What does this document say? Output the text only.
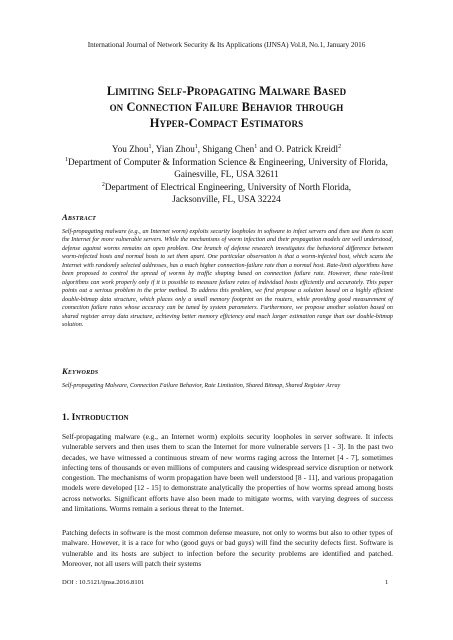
International Journal of Network Security & Its Applications (IJNSA) Vol.8, No.1, January 2016
Limiting Self-Propagating Malware Based
on Connection Failure Behavior through
Hyper-Compact Estimators
You Zhou$^1$, Yian Zhou$^1$, Shigang Chen$^1$ and O. Patrick Kreidl$^2$

$^1$Department of Computer & Information Science & Engineering, University of Florida,

Gainesville, FL, USA 32611

$^2$Department of Electrical Engineering, University of North Florida,

Jacksonville, FL, USA 32224

Abstract
Self-propagating malware (e.g., an Internet worm) exploits security loopholes in software to infect servers and then use them to scan the Internet for more vulnerable servers. While the mechanisms of worm infection and their propagation models are well understood, defense against worms remains an open problem. One branch of defense research investigates the behavioral difference between worm-infected hosts and normal hosts to set them apart. One particular observation is that a worm-infected host, which scans the Internet with randomly selected addresses, has a much higher connection-failure rate than a normal host. Rate-limit algorithms have been proposed to control the spread of worms by traffic shaping based on connection failure rate. However, these rate-limit algorithms can work properly only if it is possible to measure failure rates of individual hosts efficiently and accurately. This paper points out a serious problem in the prior method. To address this problem, we first propose a solution based on a highly efficient double-bitmap data structure, which places only a small memory footprint on the routers, while providing good measurement of connection failure rates whose accuracy can be tuned by system parameters. Furthermore, we propose another solution based on shared register array data structure, achieving better memory efficiency and much larger estimation range than our double-bitmap solution.
Keywords
Self-propagating Malware, Connection Failure Behavior, Rate Limitation, Shared Bitmap, Shared Register Array
1. Introduction
Self-propagating malware (e.g., an Internet worm) exploits security loopholes in server software. It infects vulnerable servers and then uses them to scan the Internet for more vulnerable servers [1 - 3]. In the past two decades, we have witnessed a continuous stream of new worms raging across the Internet [4 - 7], sometimes infecting tens of thousands or even millions of computers and causing widespread service disruption or network congestion. The mechanisms of worm propagation have been well understood [8 - 11], and various propagation models were developed [12 - 15] to demonstrate analytically the properties of how worms spread among hosts across networks. Significant efforts have also been made to mitigate worms, with varying degrees of success and limitations. Worms remain a serious threat to the Internet.
Patching defects in software is the most common defense measure, not only to worms but also to other types of malware. However, it is a race for who (good guys or bad guys) will find the security defects first. Software is vulnerable and its hosts are subject to infection before the security problems are identified and patched. Moreover, not all users will patch their systems
DOI : 10.5121/ijnsa.2016.8101	1
